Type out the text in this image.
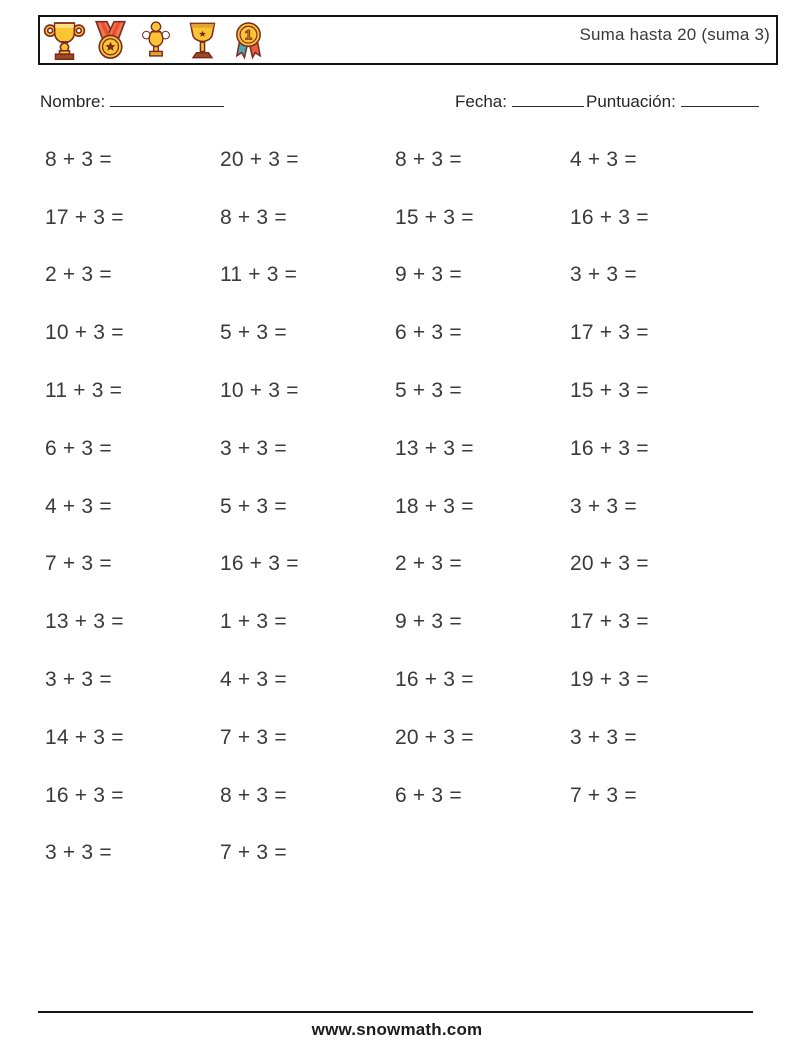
1	Suma hasta 20 (suma 3)
Nombre:	Fecha:	Puntuación:
8 + 3 =	20 + 3 =	8 + 3 =	4 + 3 =
17 + 3 =	8 + 3 =	15 + 3 =	16 + 3 =
2 + 3 =	11 + 3 =	9 + 3 =	3 + 3 =
10 + 3 =	5 + 3 =	6 + 3 =	17 + 3 =
11 + 3 =	10 + 3 =	5 + 3 =	15 + 3 =
6 + 3 =	3 + 3 =	13 + 3 =	16 + 3 =
4 + 3 =	5 + 3 =	18 + 3 =	3 + 3 =
7 + 3 =	16 + 3 =	2 + 3 =	20 + 3 =
13 + 3 =	1 + 3 =	9 + 3 =	17 + 3 =
3 + 3 =	4 + 3 =	16 + 3 =	19 + 3 =
14 + 3 =	7 + 3 =	20 + 3 =	3 + 3 =
16 + 3 =	8 + 3 =	6 + 3 =	7 + 3 =
3 + 3 =	7 + 3 =
www.snowmath.com
